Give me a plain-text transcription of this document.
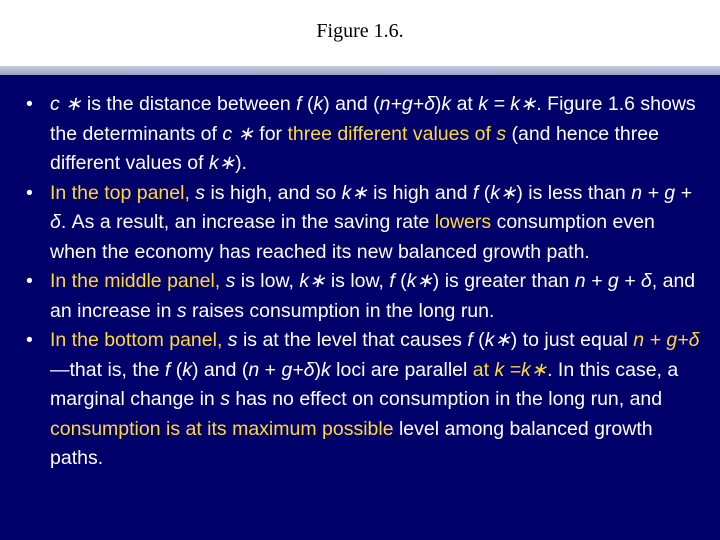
Figure 1.6.
• c ∗ is the distance between f (k) and (n+g+δ)k at k = k∗. Figure 1.6 shows the determinants of c ∗ for three different values of s (and hence three different values of k∗).
• In the top panel, s is high, and so k∗ is high and f (k∗) is less than n + g + δ. As a result, an increase in the saving rate lowers consumption even when the economy has reached its new balanced growth path.
• In the middle panel, s is low, k∗ is low, f (k∗) is greater than n + g + δ, and an increase in s raises consumption in the long run.
• In the bottom panel, s is at the level that causes f (k∗) to just equal n + g+δ—that is, the f (k) and (n + g+δ)k loci are parallel at k =k∗. In this case, a marginal change in s has no effect on consumption in the long run, and consumption is at its maximum possible level among balanced growth paths.
